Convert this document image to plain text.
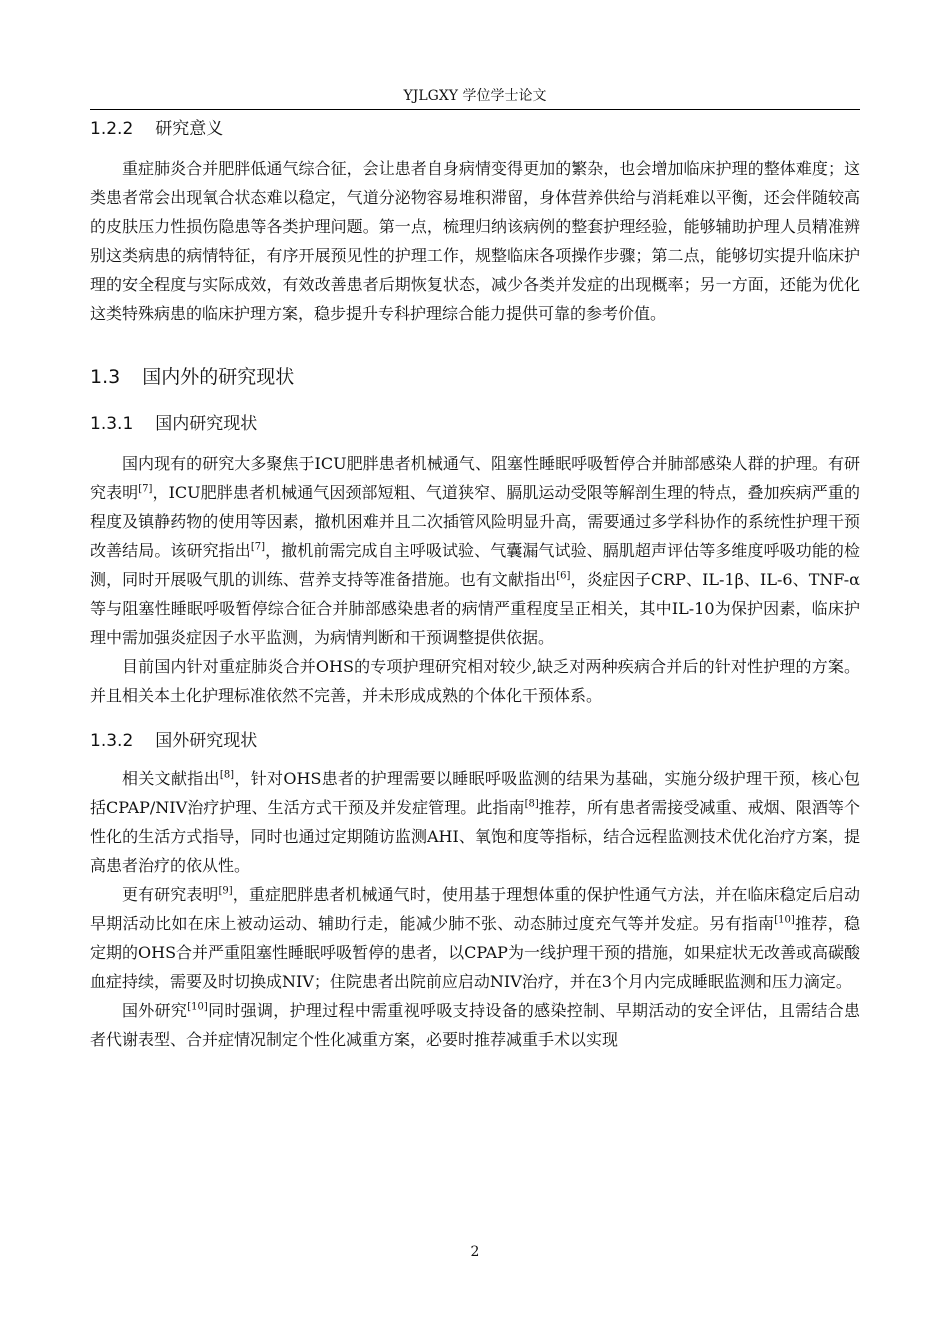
YJLGXY 学位学士论文
1.2.2 研究意义

重症肺炎合并肥胖低通气综合征，会让患者自身病情变得更加的繁杂，也会增加临床护理的整体难度；这类患者常会出现氧合状态难以稳定，气道分泌物容易堆积滞留，身体营养供给与消耗难以平衡，还会伴随较高的皮肤压力性损伤隐患等各类护理问题。第一点，梳理归纳该病例的整套护理经验，能够辅助护理人员精准辨别这类病患的病情特征，有序开展预见性的护理工作，规整临床各项操作步骤；第二点，能够切实提升临床护理的安全程度与实际成效，有效改善患者后期恢复状态，减少各类并发症的出现概率；另一方面，还能为优化这类特殊病患的临床护理方案，稳步提升专科护理综合能力提供可靠的参考价值。

1.3 国内外的研究现状
1.3.1 国内研究现状

国内现有的研究大多聚焦于ICU肥胖患者机械通气、阻塞性睡眠呼吸暂停合并肺部感染人群的护理。有研究表明[7]，ICU肥胖患者机械通气因颈部短粗、气道狭窄、膈肌运动受限等解剖生理的特点，叠加疾病严重的程度及镇静药物的使用等因素，撤机困难并且二次插管风险明显升高，需要通过多学科协作的系统性护理干预改善结局。该研究指出[7]，撤机前需完成自主呼吸试验、气囊漏气试验、膈肌超声评估等多维度呼吸功能的检测，同时开展吸气肌的训练、营养支持等准备措施。也有文献指出[6]，炎症因子CRP、IL-1β、IL-6、TNF-α等与阻塞性睡眠呼吸暂停综合征合并肺部感染患者的病情严重程度呈正相关，其中IL-10为保护因素，临床护理中需加强炎症因子水平监测，为病情判断和干预调整提供依据。

目前国内针对重症肺炎合并OHS的专项护理研究相对较少,缺乏对两种疾病合并后的针对性护理的方案。并且相关本土化护理标准依然不完善，并未形成成熟的个体化干预体系。

1.3.2 国外研究现状

相关文献指出[8]，针对OHS患者的护理需要以睡眠呼吸监测的结果为基础，实施分级护理干预，核心包括CPAP/NIV治疗护理、生活方式干预及并发症管理。此指南[8]推荐，所有患者需接受减重、戒烟、限酒等个性化的生活方式指导，同时也通过定期随访监测AHI、氧饱和度等指标，结合远程监测技术优化治疗方案，提高患者治疗的依从性。

更有研究表明[9]，重症肥胖患者机械通气时，使用基于理想体重的保护性通气方法，并在临床稳定后启动早期活动比如在床上被动运动、辅助行走，能减少肺不张、动态肺过度充气等并发症。另有指南[10]推荐，稳定期的OHS合并严重阻塞性睡眠呼吸暂停的患者，以CPAP为一线护理干预的措施，如果症状无改善或高碳酸血症持续，需要及时切换成NIV；住院患者出院前应启动NIV治疗，并在3个月内完成睡眠监测和压力滴定。

国外研究[10]同时强调，护理过程中需重视呼吸支持设备的感染控制、早期活动的安全评估，且需结合患者代谢表型、合并症情况制定个性化减重方案，必要时推荐减重手术以实现

2
